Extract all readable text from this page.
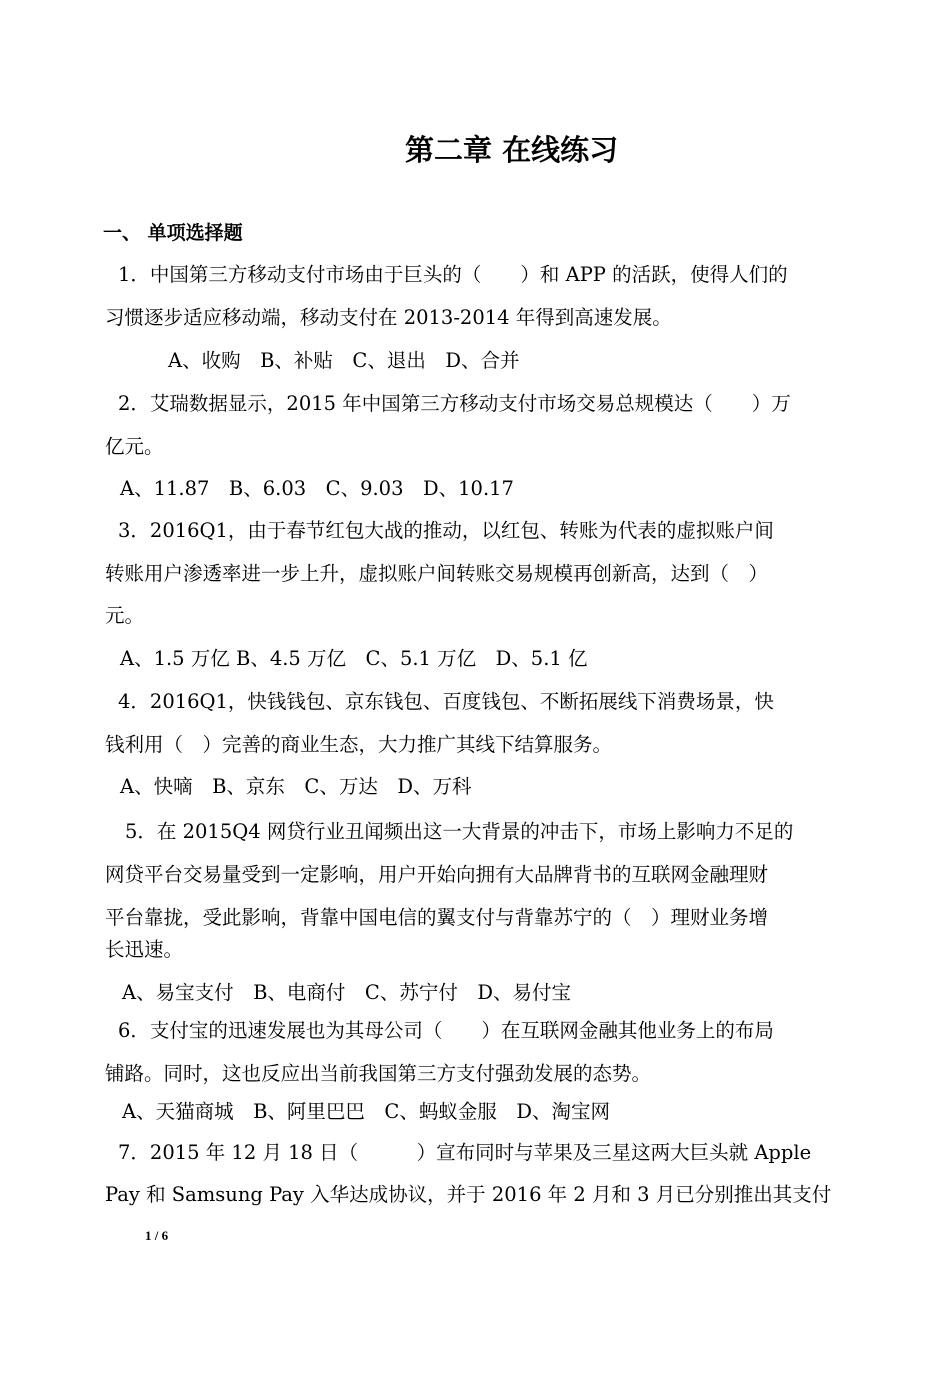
第二章 在线练习
一、 单项选择题

1．中国第三方移动支付市场由于巨头的（　　）和 APP 的活跃，使得人们的

习惯逐步适应移动端，移动支付在 2013-2014 年得到高速发展。

A、收购　B、补贴　C、退出　D、合并

2．艾瑞数据显示，2015 年中国第三方移动支付市场交易总规模达（　　）万

亿元。

A、11.87　B、6.03　C、9.03　D、10.17

3．2016Q1，由于春节红包大战的推动，以红包、转账为代表的虚拟账户间

转账用户渗透率进一步上升，虚拟账户间转账交易规模再创新高，达到（　）

元。

A、1.5 万亿 B、4.5 万亿　C、5.1 万亿　D、5.1 亿

4．2016Q1，快钱钱包、京东钱包、百度钱包、不断拓展线下消费场景，快

钱利用（　）完善的商业生态，大力推广其线下结算服务。

A、快嘀　B、京东　C、万达　D、万科

5．在 2015Q4 网贷行业丑闻频出这一大背景的冲击下，市场上影响力不足的

网贷平台交易量受到一定影响，用户开始向拥有大品牌背书的互联网金融理财

平台靠拢，受此影响，背靠中国电信的翼支付与背靠苏宁的（　）理财业务增

长迅速。

A、易宝支付　B、电商付　C、苏宁付　D、易付宝

6．支付宝的迅速发展也为其母公司（　　）在互联网金融其他业务上的布局

铺路。同时，这也反应出当前我国第三方支付强劲发展的态势。

A、天猫商城　B、阿里巴巴　C、蚂蚁金服　D、淘宝网

7．2015 年 12 月 18 日（　　　）宣布同时与苹果及三星这两大巨头就 Apple

Pay 和 Samsung Pay 入华达成协议，并于 2016 年 2 月和 3 月已分别推出其支付

1 / 6
